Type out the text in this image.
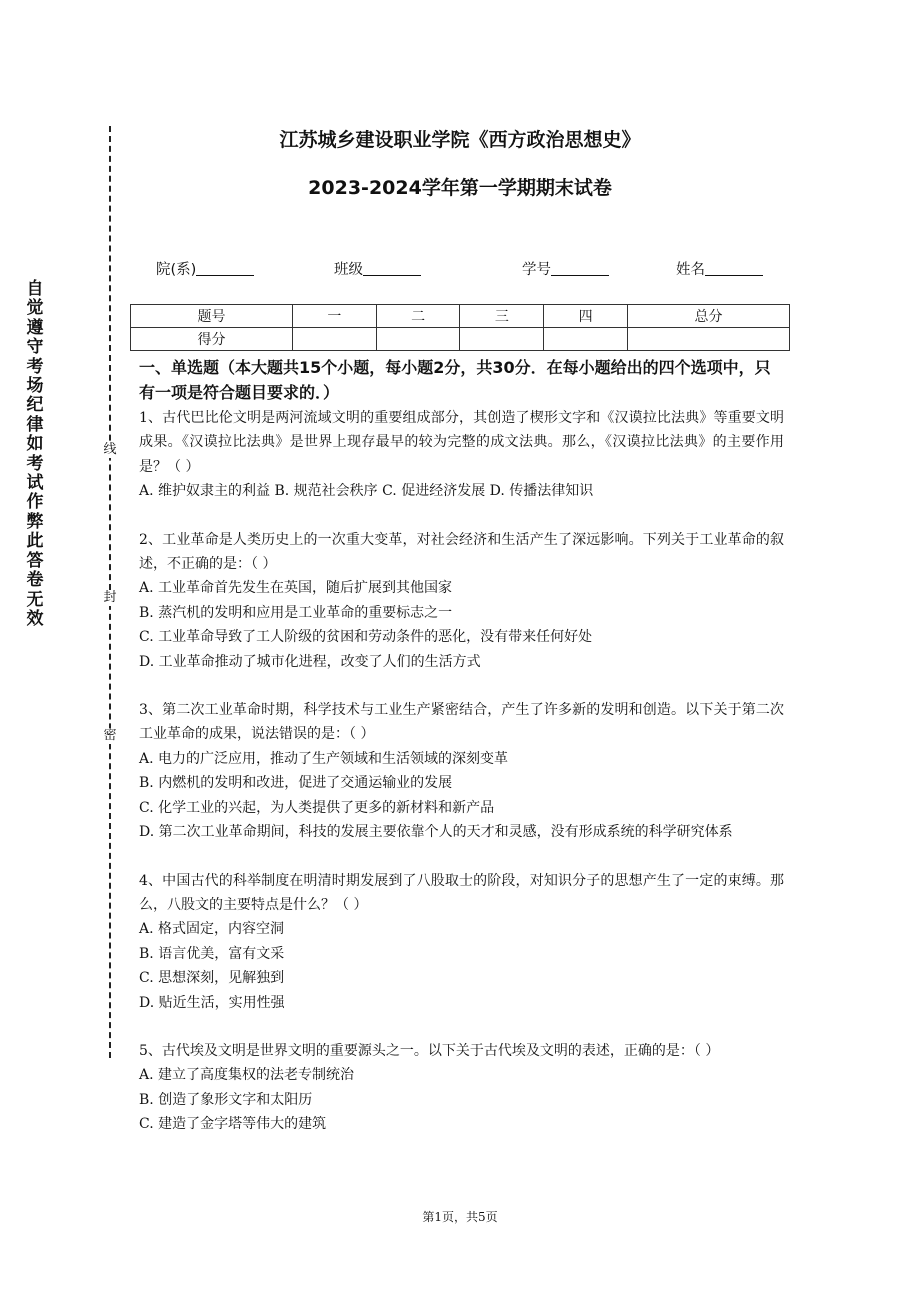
自觉遵守考场纪律如考试作弊此答卷无效
线
封
密
江苏城乡建设职业学院《西方政治思想史》
2023-2024学年第一学期期末试卷
院(系)	班级	学号	姓名
题号	一	二	三	四	总分
得分					
一、单选题（本大题共15个小题，每小题2分，共30分．在每小题给出的四个选项中，只有一项是符合题目要求的．）
1、古代巴比伦文明是两河流域文明的重要组成部分，其创造了楔形文字和《汉谟拉比法典》等重要文明成果。《汉谟拉比法典》是世界上现存最早的较为完整的成文法典。那么，《汉谟拉比法典》的主要作用是？（ ）
A. 维护奴隶主的利益 B. 规范社会秩序 C. 促进经济发展 D. 传播法律知识
2、工业革命是人类历史上的一次重大变革，对社会经济和生活产生了深远影响。下列关于工业革命的叙述，不正确的是：（ ）
A. 工业革命首先发生在英国，随后扩展到其他国家
B. 蒸汽机的发明和应用是工业革命的重要标志之一
C. 工业革命导致了工人阶级的贫困和劳动条件的恶化，没有带来任何好处
D. 工业革命推动了城市化进程，改变了人们的生活方式
3、第二次工业革命时期，科学技术与工业生产紧密结合，产生了许多新的发明和创造。以下关于第二次工业革命的成果，说法错误的是：（ ）
A. 电力的广泛应用，推动了生产领域和生活领域的深刻变革
B. 内燃机的发明和改进，促进了交通运输业的发展
C. 化学工业的兴起，为人类提供了更多的新材料和新产品
D. 第二次工业革命期间，科技的发展主要依靠个人的天才和灵感，没有形成系统的科学研究体系
4、中国古代的科举制度在明清时期发展到了八股取士的阶段，对知识分子的思想产生了一定的束缚。那么，八股文的主要特点是什么？（ ）
A. 格式固定，内容空洞
B. 语言优美，富有文采
C. 思想深刻，见解独到
D. 贴近生活，实用性强
5、古代埃及文明是世界文明的重要源头之一。以下关于古代埃及文明的表述，正确的是：（ ）
A. 建立了高度集权的法老专制统治
B. 创造了象形文字和太阳历
C. 建造了金字塔等伟大的建筑
第1页，共5页
